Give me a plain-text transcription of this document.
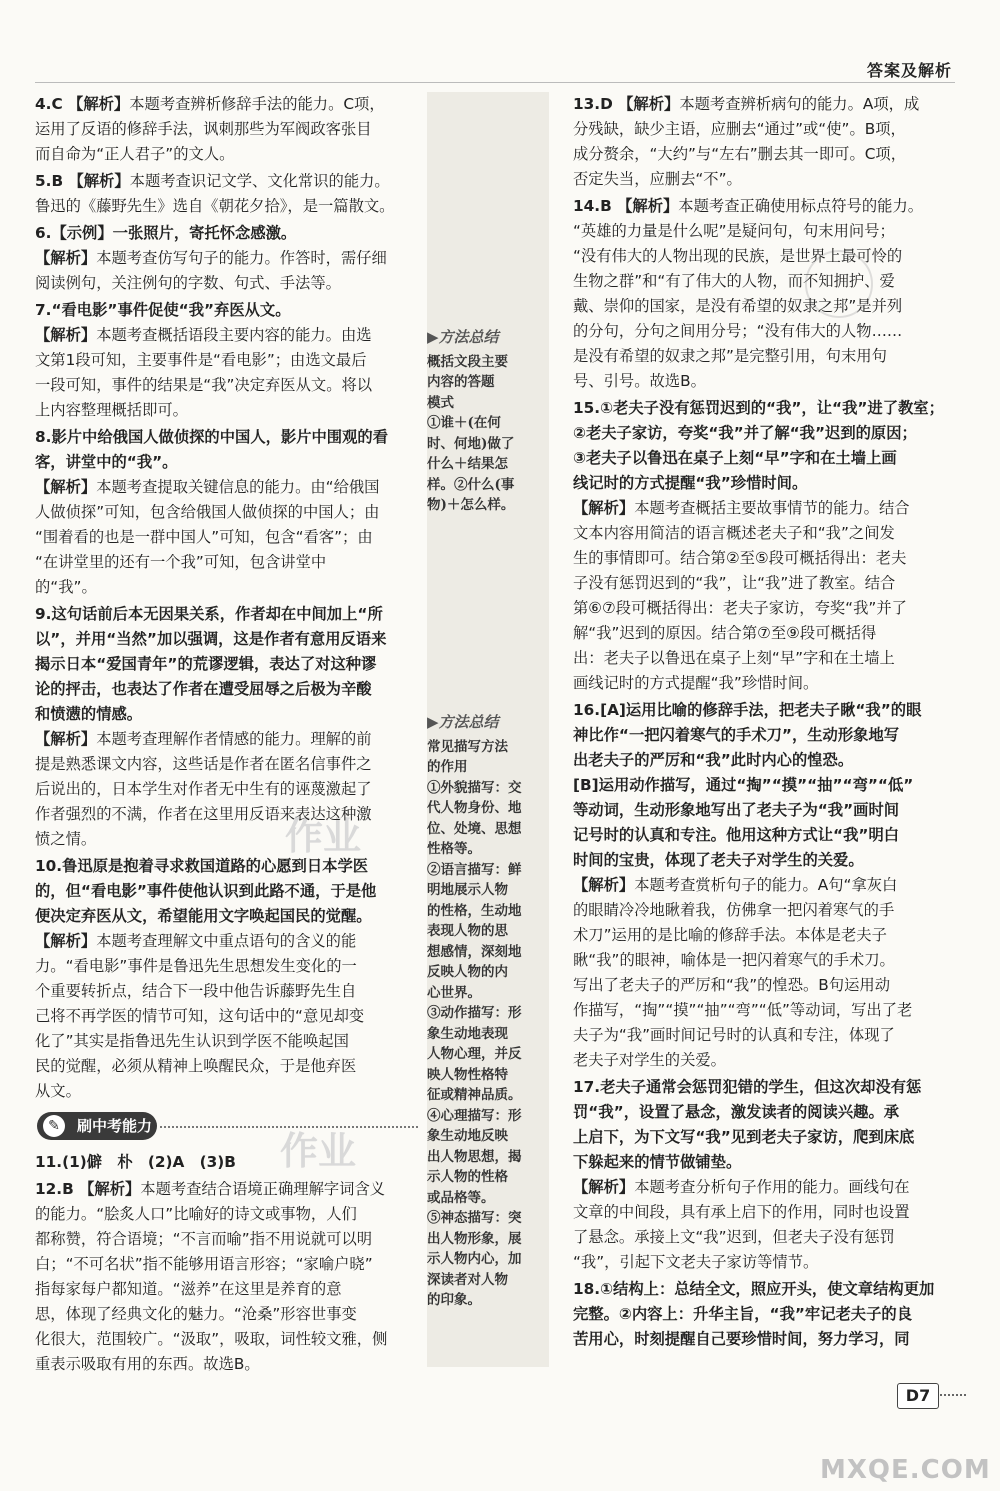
答案及解析
作业
作业

4.C 【解析】本题考查辨析修辞手法的能力。C项，

运用了反语的修辞手法，讽刺那些为军阀政客张目

而自命为“正人君子”的文人。

5.B 【解析】本题考查识记文学、文化常识的能力。

鲁迅的《藤野先生》选自《朝花夕拾》，是一篇散文。

6.【示例】一张照片，寄托怀念感激。

【解析】本题考查仿写句子的能力。作答时，需仔细

阅读例句，关注例句的字数、句式、手法等。

7.“看电影”事件促使“我”弃医从文。

【解析】本题考查概括语段主要内容的能力。由选

文第1段可知，主要事件是“看电影”；由选文最后

一段可知，事件的结果是“我”决定弃医从文。将以

上内容整理概括即可。

8.影片中给俄国人做侦探的中国人，影片中围观的看

客，讲堂中的“我”。

【解析】本题考查提取关键信息的能力。由“给俄国

人做侦探”可知，包含给俄国人做侦探的中国人；由

“围着看的也是一群中国人”可知，包含“看客”；由

“在讲堂里的还有一个我”可知，包含讲堂中

的“我”。

9.这句话前后本无因果关系，作者却在中间加上“所

以”，并用“当然”加以强调，这是作者有意用反语来

揭示日本“爱国青年”的荒谬逻辑，表达了对这种谬

论的抨击，也表达了作者在遭受屈辱之后极为辛酸

和愤懑的情感。

【解析】本题考查理解作者情感的能力。理解的前

提是熟悉课文内容，这些话是作者在匿名信事件之

后说出的，日本学生对作者无中生有的诬蔑激起了

作者强烈的不满，作者在这里用反语来表达这种激

愤之情。

10.鲁迅原是抱着寻求救国道路的心愿到日本学医

的，但“看电影”事件使他认识到此路不通，于是他

便决定弃医从文，希望能用文字唤起国民的觉醒。

【解析】本题考查理解文中重点语句的含义的能

力。“看电影”事件是鲁迅先生思想发生变化的一

个重要转折点，结合下一段中他告诉藤野先生自

己将不再学医的情节可知，这句话中的“意见却变

化了”其实是指鲁迅先生认识到学医不能唤起国

民的觉醒，必须从精神上唤醒民众，于是他弃医

从文。

✎	刷中考能力

11.(1)僻　朴　(2)A　(3)B

12.B 【解析】本题考查结合语境正确理解字词含义

的能力。“脍炙人口”比喻好的诗文或事物，人们

都称赞，符合语境；“不言而喻”指不用说就可以明

白；“不可名状”指不能够用语言形容；“家喻户晓”

指每家每户都知道。“滋养”在这里是养育的意

思，体现了经典文化的魅力。“沧桑”形容世事变

化很大，范围较广。“汲取”，吸取，词性较文雅，侧

重表示吸取有用的东西。故选B。

13.D 【解析】本题考查辨析病句的能力。A项，成

分残缺，缺少主语，应删去“通过”或“使”。B项，

成分赘余，“大约”与“左右”删去其一即可。C项，

否定失当，应删去“不”。

14.B 【解析】本题考查正确使用标点符号的能力。

“英雄的力量是什么呢”是疑问句，句末用问号；

“没有伟大的人物出现的民族，是世界上最可怜的

生物之群”和“有了伟大的人物，而不知拥护、爱

戴、崇仰的国家，是没有希望的奴隶之邦”是并列

的分句，分句之间用分号；“没有伟大的人物……

是没有希望的奴隶之邦”是完整引用，句末用句

号、引号。故选B。

15.①老夫子没有惩罚迟到的“我”，让“我”进了教室；

②老夫子家访，夸奖“我”并了解“我”迟到的原因；

③老夫子以鲁迅在桌子上刻“早”字和在土墙上画

线记时的方式提醒“我”珍惜时间。

【解析】本题考查概括主要故事情节的能力。结合

文本内容用简洁的语言概述老夫子和“我”之间发

生的事情即可。结合第②至⑤段可概括得出：老夫

子没有惩罚迟到的“我”，让“我”进了教室。结合

第⑥⑦段可概括得出：老夫子家访，夸奖“我”并了

解“我”迟到的原因。结合第⑦至⑨段可概括得

出：老夫子以鲁迅在桌子上刻“早”字和在土墙上

画线记时的方式提醒“我”珍惜时间。

16.[A]运用比喻的修辞手法，把老夫子瞅“我”的眼

神比作“一把闪着寒气的手术刀”，生动形象地写

出老夫子的严厉和“我”此时内心的惶恐。

[B]运用动作描写，通过“掏”“摸”“抽”“弯”“低”

等动词，生动形象地写出了老夫子为“我”画时间

记号时的认真和专注。他用这种方式让“我”明白

时间的宝贵，体现了老夫子对学生的关爱。

【解析】本题考查赏析句子的能力。A句“拿灰白

的眼睛冷冷地瞅着我，仿佛拿一把闪着寒气的手

术刀”运用的是比喻的修辞手法。本体是老夫子

瞅“我”的眼神，喻体是一把闪着寒气的手术刀。

写出了老夫子的严厉和“我”的惶恐。B句运用动

作描写，“掏”“摸”“抽”“弯”“低”等动词，写出了老

夫子为“我”画时间记号时的认真和专注，体现了

老夫子对学生的关爱。

17.老夫子通常会惩罚犯错的学生，但这次却没有惩

罚“我”，设置了悬念，激发读者的阅读兴趣。承

上启下，为下文写“我”见到老夫子家访，爬到床底

下躲起来的情节做铺垫。

【解析】本题考查分析句子作用的能力。画线句在

文章的中间段，具有承上启下的作用，同时也设置

了悬念。承接上文“我”迟到，但老夫子没有惩罚

“我”，引起下文老夫子家访等情节。

18.①结构上：总结全文，照应开头，使文章结构更加

完整。②内容上：升华主旨，“我”牢记老夫子的良

苦用心，时刻提醒自己要珍惜时间，努力学习，同

▶方法总结
概括文段主要
内容的答题
模式
①谁＋(在何
时、何地)做了
什么＋结果怎
样。②什么(事
物)＋怎么样。
▶方法总结
常见描写方法
的作用
①外貌描写：交
代人物身份、地
位、处境、思想
性格等。
②语言描写：鲜
明地展示人物
的性格，生动地
表现人物的思
想感情，深刻地
反映人物的内
心世界。
③动作描写：形
象生动地表现
人物心理，并反
映人物性格特
征或精神品质。
④心理描写：形
象生动地反映
出人物思想，揭
示人物的性格
或品格等。
⑤神态描写：突
出人物形象，展
示人物内心，加
深读者对人物
的印象。
D7
MXQE.COM
